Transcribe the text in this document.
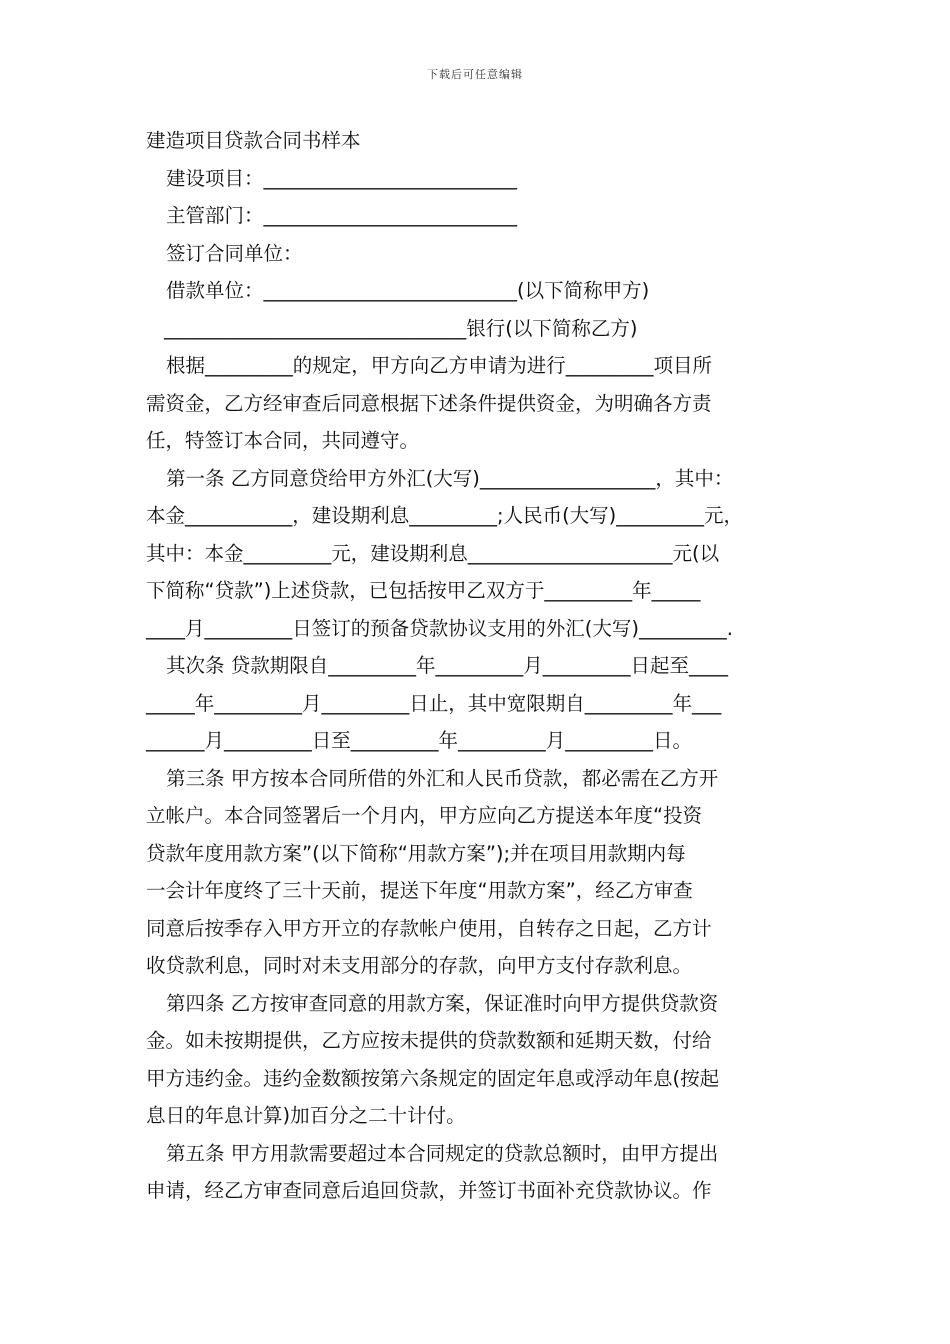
下载后可任意编辑

建造项目贷款合同书样本

建设项目：__________________________

主管部门：__________________________

签订合同单位：

借款单位：__________________________(以下简称甲方)

_______________________________银行(以下简称乙方)

根据_________的规定，甲方向乙方申请为进行_________项目所

需资金，乙方经审查后同意根据下述条件提供资金，为明确各方责

任，特签订本合同，共同遵守。

第一条 乙方同意贷给甲方外汇(大写)__________________，其中：

本金___________，建设期利息_________;人民币(大写)_________元，

其中：本金_________元，建设期利息_____________________元(以

下简称“贷款”)上述贷款，已包括按甲乙双方于_________年_____

____月_________日签订的预备贷款协议支用的外汇(大写)_________.

其次条 贷款期限自_________年_________月_________日起至____

_____年_________月_________日止，其中宽限期自_________年___

______月_________日至_________年_________月_________日。

第三条 甲方按本合同所借的外汇和人民币贷款，都必需在乙方开

立帐户。本合同签署后一个月内，甲方应向乙方提送本年度“投资

贷款年度用款方案”(以下简称“用款方案”);并在项目用款期内每

一会计年度终了三十天前，提送下年度“用款方案”，经乙方审查

同意后按季存入甲方开立的存款帐户使用，自转存之日起，乙方计

收贷款利息，同时对未支用部分的存款，向甲方支付存款利息。

第四条 乙方按审查同意的用款方案，保证准时向甲方提供贷款资

金。如未按期提供，乙方应按未提供的贷款数额和延期天数，付给

甲方违约金。违约金数额按第六条规定的固定年息或浮动年息(按起

息日的年息计算)加百分之二十计付。

第五条 甲方用款需要超过本合同规定的贷款总额时，由甲方提出

申请，经乙方审查同意后追回贷款，并签订书面补充贷款协议。作
